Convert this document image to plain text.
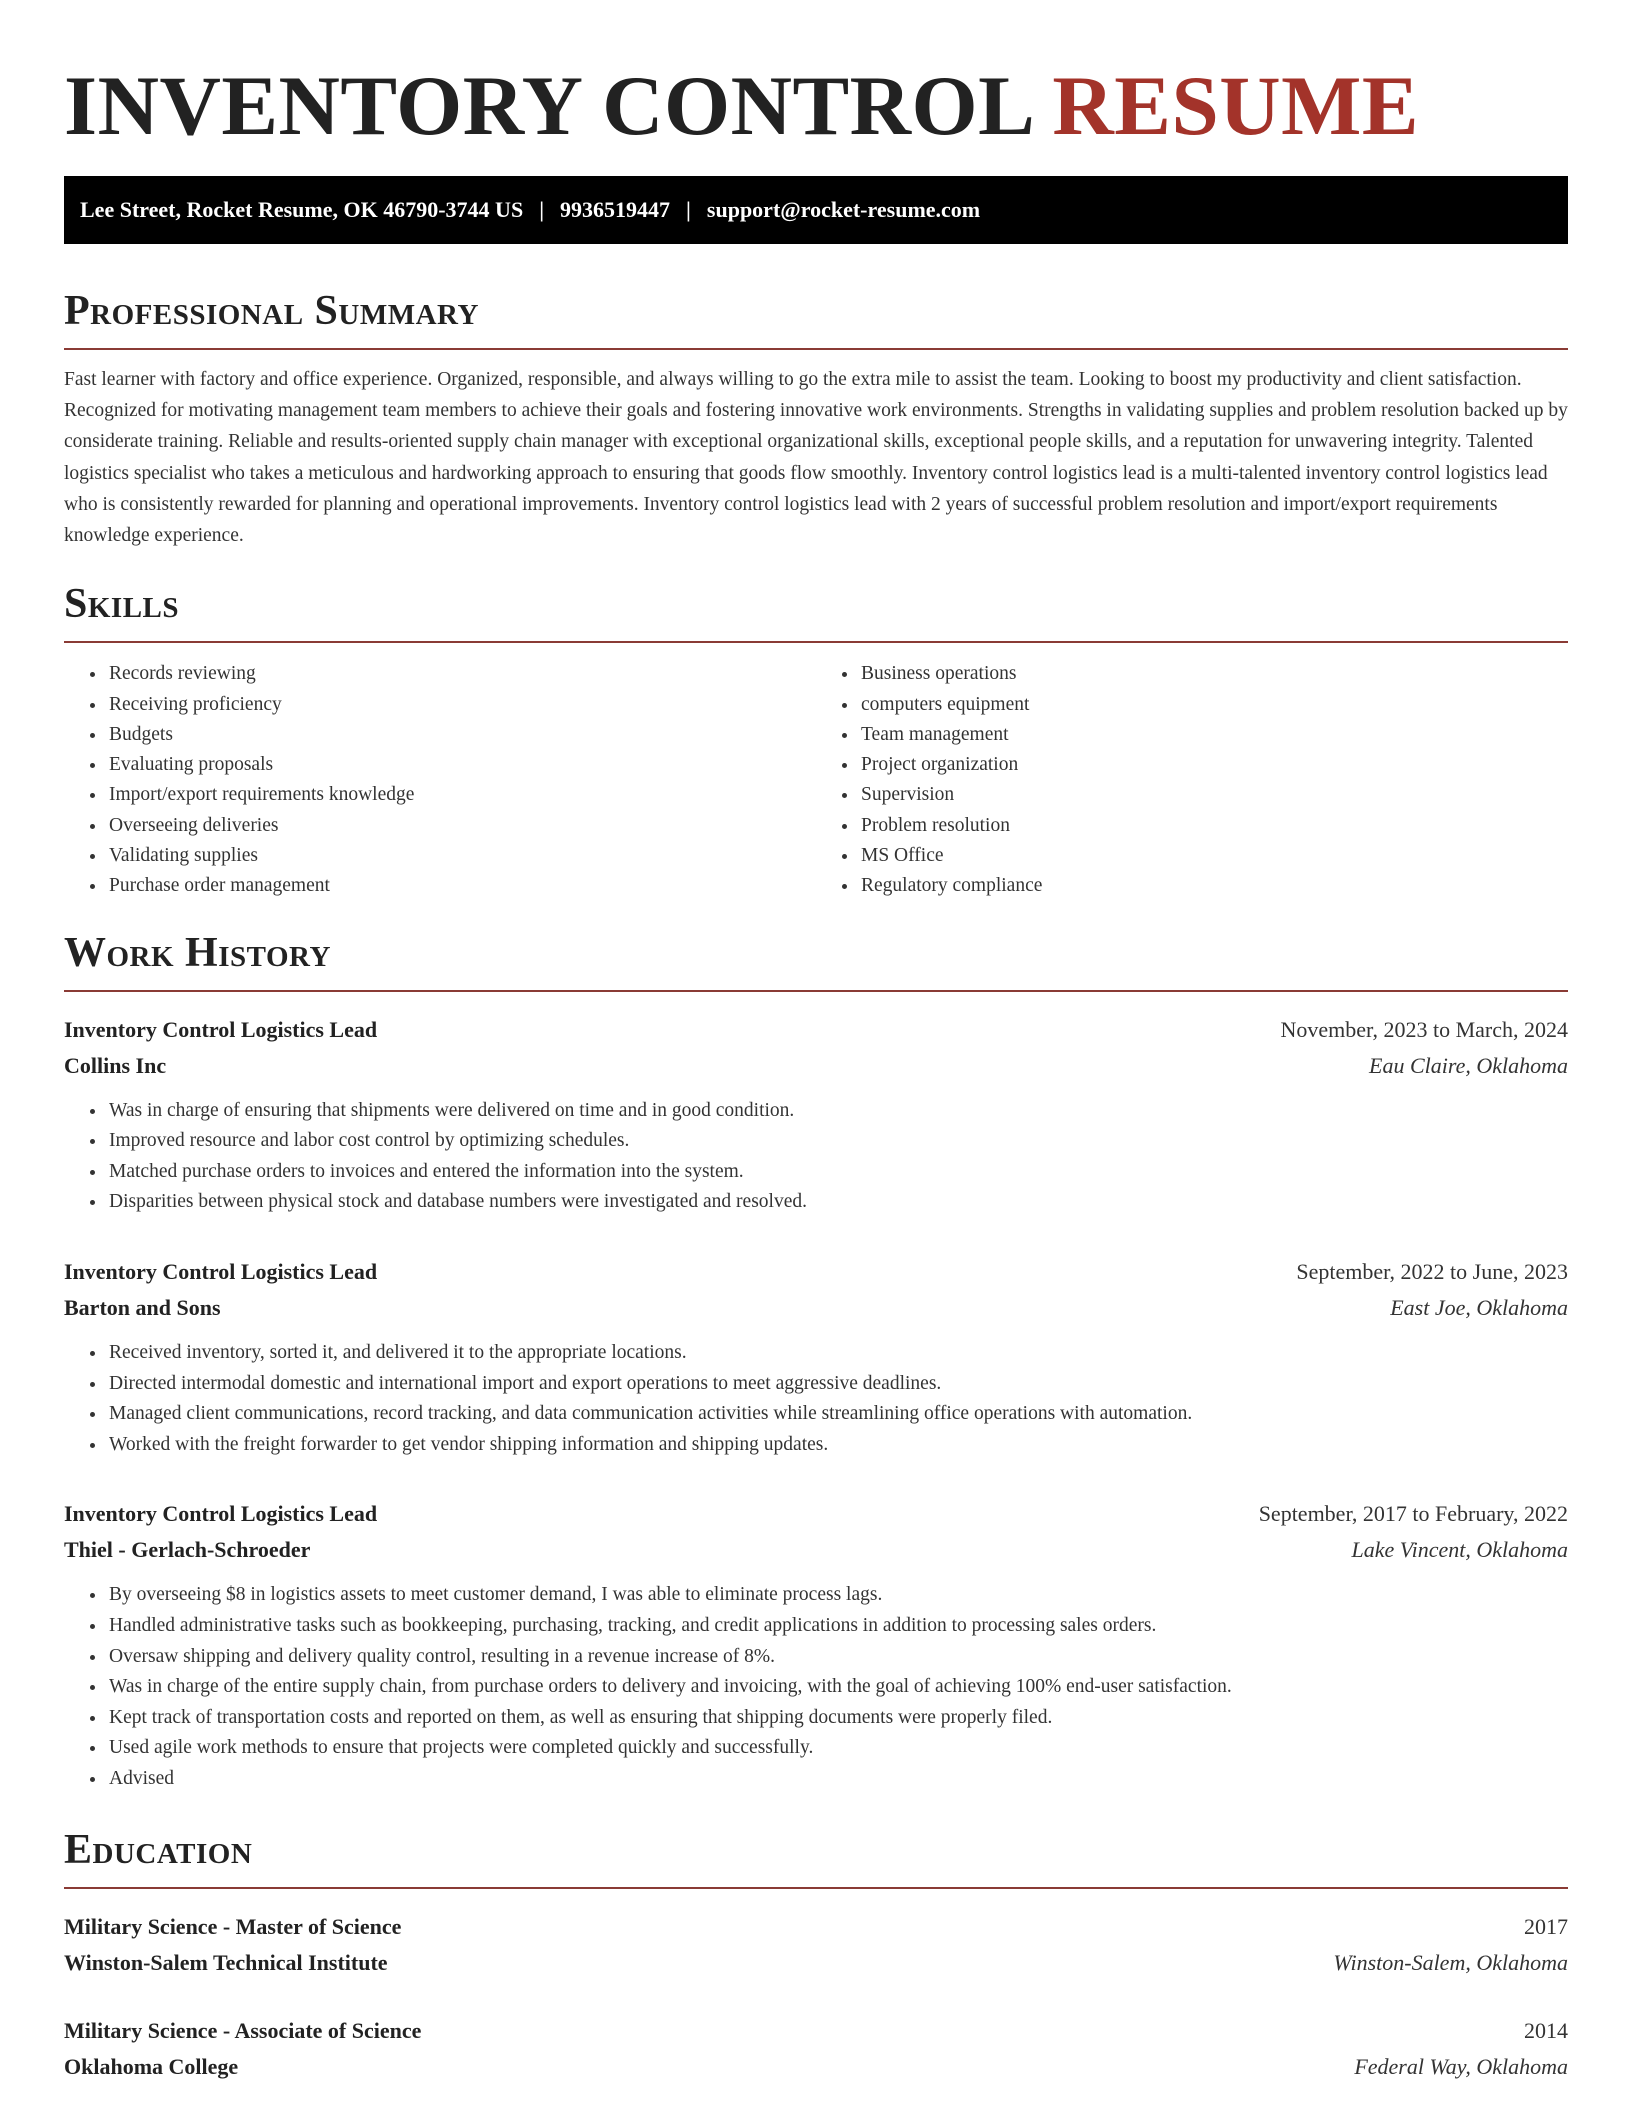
INVENTORY CONTROL RESUME
Lee Street, Rocket Resume, OK 46790-3744 US | 9936519447 | support@rocket-resume.com
Professional Summary

Fast learner with factory and office experience. Organized, responsible, and always willing to go the extra mile to assist the team. Looking to boost my productivity and client satisfaction. Recognized for motivating management team members to achieve their goals and fostering innovative work environments. Strengths in validating supplies and problem resolution backed up by considerate training. Reliable and results-oriented supply chain manager with exceptional organizational skills, exceptional people skills, and a reputation for unwavering integrity. Talented logistics specialist who takes a meticulous and hardworking approach to ensuring that goods flow smoothly. Inventory control logistics lead is a multi-talented inventory control logistics lead who is consistently rewarded for planning and operational improvements. Inventory control logistics lead with 2 years of successful problem resolution and import/export requirements knowledge experience.

Skills
• Records reviewing
• Receiving proficiency
• Budgets
• Evaluating proposals
• Import/export requirements knowledge
• Overseeing deliveries
• Validating supplies
• Purchase order management
• Business operations
• computers equipment
• Team management
• Project organization
• Supervision
• Problem resolution
• MS Office
• Regulatory compliance
Work History
Inventory Control Logistics Lead	November, 2023 to March, 2024
Collins Inc	Eau Claire, Oklahoma
• Was in charge of ensuring that shipments were delivered on time and in good condition.
• Improved resource and labor cost control by optimizing schedules.
• Matched purchase orders to invoices and entered the information into the system.
• Disparities between physical stock and database numbers were investigated and resolved.
Inventory Control Logistics Lead	September, 2022 to June, 2023
Barton and Sons	East Joe, Oklahoma
• Received inventory, sorted it, and delivered it to the appropriate locations.
• Directed intermodal domestic and international import and export operations to meet aggressive deadlines.
• Managed client communications, record tracking, and data communication activities while streamlining office operations with automation.
• Worked with the freight forwarder to get vendor shipping information and shipping updates.
Inventory Control Logistics Lead	September, 2017 to February, 2022
Thiel - Gerlach-Schroeder	Lake Vincent, Oklahoma
• By overseeing $8 in logistics assets to meet customer demand, I was able to eliminate process lags.
• Handled administrative tasks such as bookkeeping, purchasing, tracking, and credit applications in addition to processing sales orders.
• Oversaw shipping and delivery quality control, resulting in a revenue increase of 8%.
• Was in charge of the entire supply chain, from purchase orders to delivery and invoicing, with the goal of achieving 100% end-user satisfaction.
• Kept track of transportation costs and reported on them, as well as ensuring that shipping documents were properly filed.
• Used agile work methods to ensure that projects were completed quickly and successfully.
• Advised
Education
Military Science - Master of Science	2017
Winston-Salem Technical Institute	Winston-Salem, Oklahoma
Military Science - Associate of Science	2014
Oklahoma College	Federal Way, Oklahoma
